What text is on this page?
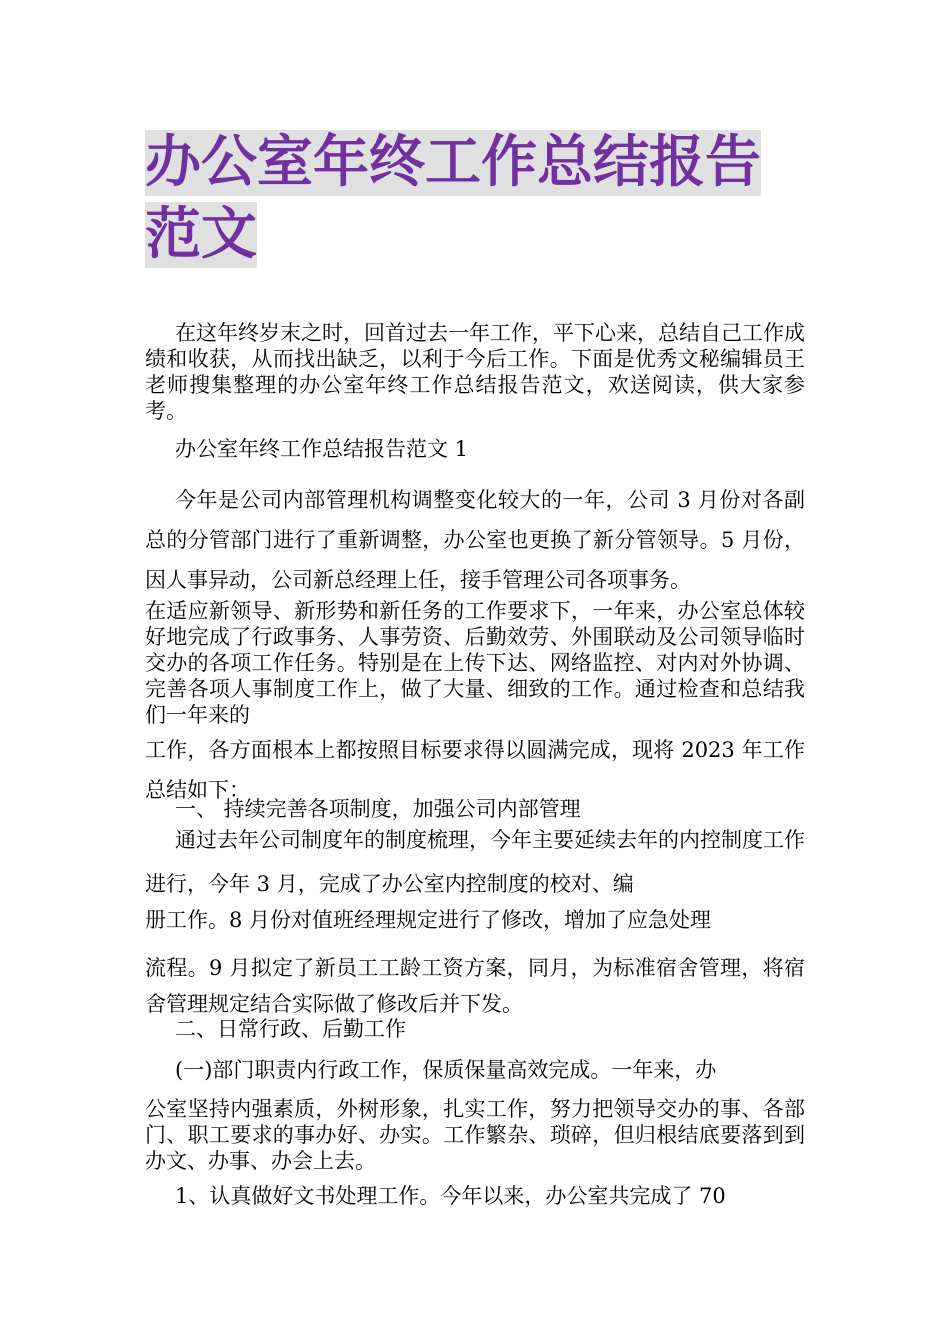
办公室年终工作总结报告
范文

在这年终岁末之时，回首过去一年工作，平下心来，总结自己工作成绩和收获，从而找出缺乏，以利于今后工作。下面是优秀文秘编辑员王老师搜集整理的办公室年终工作总结报告范文，欢送阅读，供大家参考。

办公室年终工作总结报告范文 1

今年是公司内部管理机构调整变化较大的一年，公司 3 月份对各副总的分管部门进行了重新调整，办公室也更换了新分管领导。5 月份，因人事异动，公司新总经理上任，接手管理公司各项事务。

在适应新领导、新形势和新任务的工作要求下，一年来，办公室总体较好地完成了行政事务、人事劳资、后勤效劳、外围联动及公司领导临时交办的各项工作任务。特别是在上传下达、网络监控、对内对外协调、完善各项人事制度工作上，做了大量、细致的工作。通过检查和总结我们一年来的

工作，各方面根本上都按照目标要求得以圆满完成，现将 2023 年工作总结如下：

一、 持续完善各项制度，加强公司内部管理

通过去年公司制度年的制度梳理，今年主要延续去年的内控制度工作进行，今年 3 月，完成了办公室内控制度的校对、编

册工作。8 月份对值班经理规定进行了修改，增加了应急处理

流程。9 月拟定了新员工工龄工资方案，同月，为标准宿舍管理，将宿舍管理规定结合实际做了修改后并下发。

二、日常行政、后勤工作

(一)部门职责内行政工作，保质保量高效完成。一年来，办

公室坚持内强素质，外树形象，扎实工作，努力把领导交办的事、各部门、职工要求的事办好、办实。工作繁杂、琐碎，但归根结底要落到到办文、办事、办会上去。

1、认真做好文书处理工作。今年以来，办公室共完成了 70
